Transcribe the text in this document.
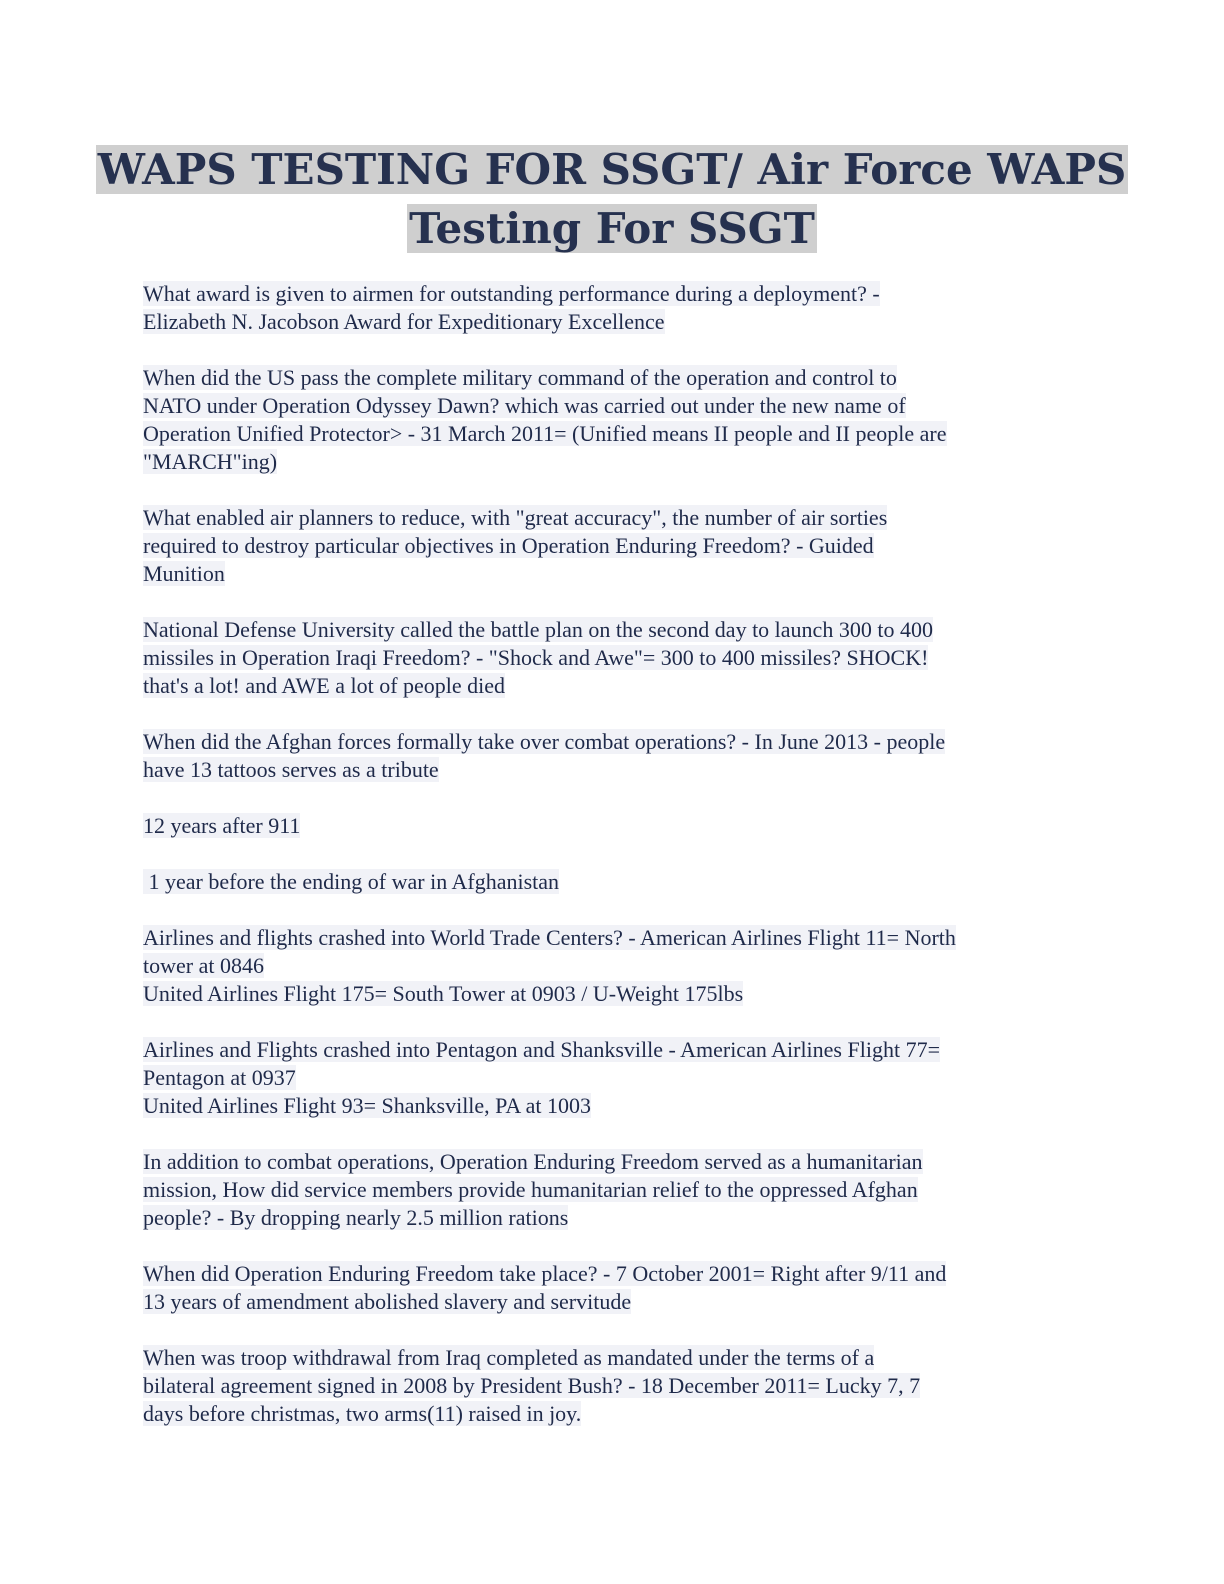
WAPS TESTING FOR SSGT/ Air Force WAPS
Testing For SSGT

What award is given to airmen for outstanding performance during a deployment? -
Elizabeth N. Jacobson Award for Expeditionary Excellence

When did the US pass the complete military command of the operation and control to
NATO under Operation Odyssey Dawn? which was carried out under the new name of
Operation Unified Protector> - 31 March 2011= (Unified means II people and II people are
"MARCH"ing)

What enabled air planners to reduce, with "great accuracy", the number of air sorties
required to destroy particular objectives in Operation Enduring Freedom? - Guided
Munition

National Defense University called the battle plan on the second day to launch 300 to 400
missiles in Operation Iraqi Freedom? - "Shock and Awe"= 300 to 400 missiles? SHOCK!
that's a lot! and AWE a lot of people died

When did the Afghan forces formally take over combat operations? - In June 2013 - people
have 13 tattoos serves as a tribute

12 years after 911

1 year before the ending of war in Afghanistan

Airlines and flights crashed into World Trade Centers? - American Airlines Flight 11= North
tower at 0846
United Airlines Flight 175= South Tower at 0903 / U-Weight 175lbs

Airlines and Flights crashed into Pentagon and Shanksville - American Airlines Flight 77=
Pentagon at 0937
United Airlines Flight 93= Shanksville, PA at 1003

In addition to combat operations, Operation Enduring Freedom served as a humanitarian
mission, How did service members provide humanitarian relief to the oppressed Afghan
people? - By dropping nearly 2.5 million rations

When did Operation Enduring Freedom take place? - 7 October 2001= Right after 9/11 and
13 years of amendment abolished slavery and servitude

When was troop withdrawal from Iraq completed as mandated under the terms of a
bilateral agreement signed in 2008 by President Bush? - 18 December 2011= Lucky 7, 7
days before christmas, two arms(11) raised in joy.
